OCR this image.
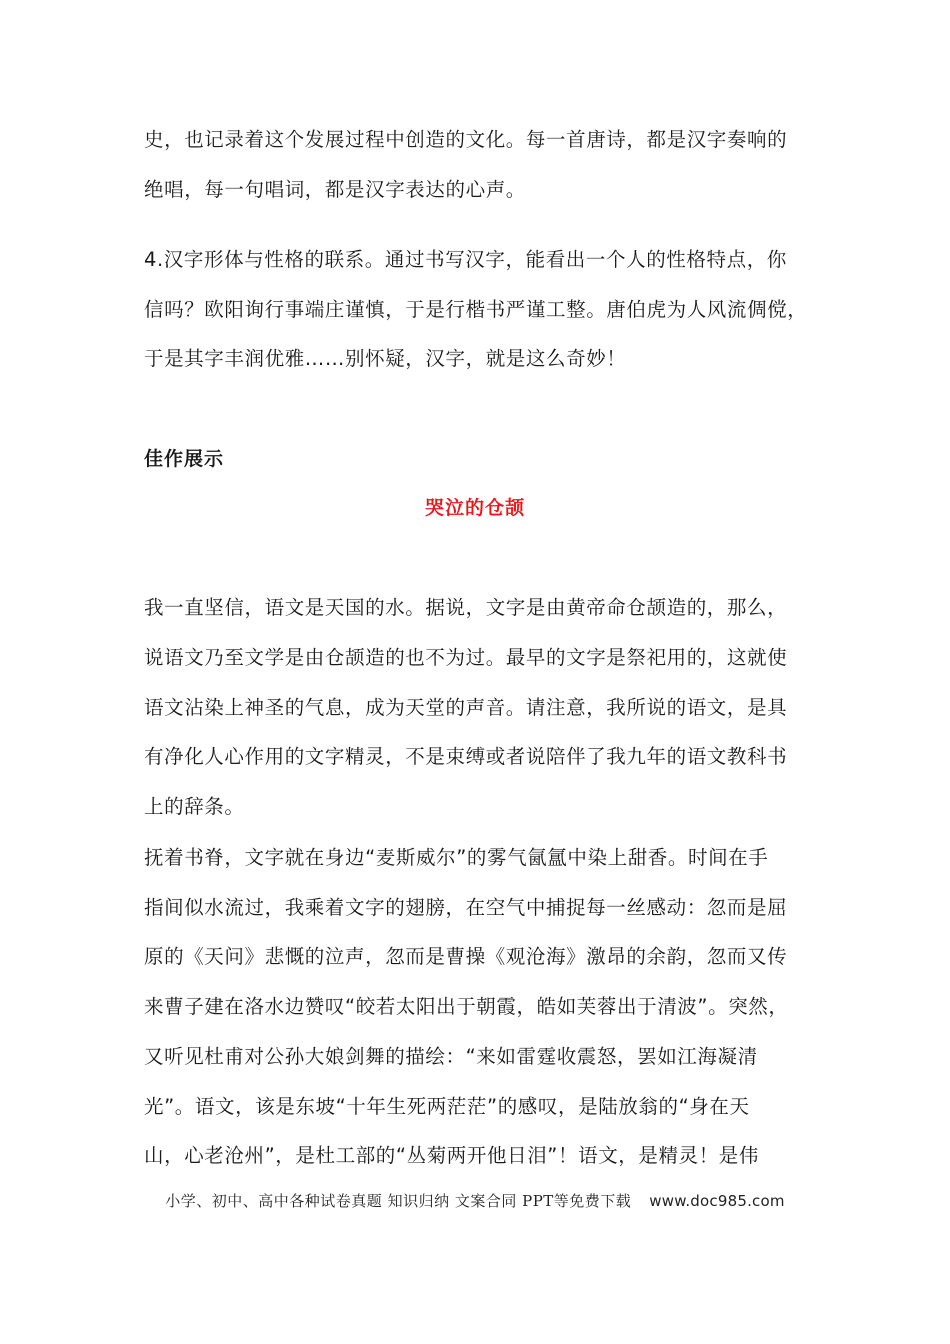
史，也记录着这个发展过程中创造的文化。每一首唐诗，都是汉字奏响的
绝唱，每一句唱词，都是汉字表达的心声。
4.汉字形体与性格的联系。通过书写汉字，能看出一个人的性格特点，你
信吗？欧阳询行事端庄谨慎，于是行楷书严谨工整。唐伯虎为人风流倜傥，
于是其字丰润优雅……别怀疑，汉字，就是这么奇妙！
佳作展示
哭泣的仓颉
我一直坚信，语文是天国的水。据说，文字是由黄帝命仓颉造的，那么，
说语文乃至文学是由仓颉造的也不为过。最早的文字是祭祀用的，这就使
语文沾染上神圣的气息，成为天堂的声音。请注意，我所说的语文，是具
有净化人心作用的文字精灵，不是束缚或者说陪伴了我九年的语文教科书
上的辞条。
抚着书脊，文字就在身边“麦斯威尔”的雾气氤氲中染上甜香。时间在手
指间似水流过，我乘着文字的翅膀，在空气中捕捉每一丝感动：忽而是屈
原的《天问》悲慨的泣声，忽而是曹操《观沧海》激昂的余韵，忽而又传
来曹子建在洛水边赞叹“皎若太阳出于朝霞，皓如芙蓉出于清波”。突然，
又听见杜甫对公孙大娘剑舞的描绘：“来如雷霆收震怒，罢如江海凝清
光”。语文，该是东坡“十年生死两茫茫”的感叹，是陆放翁的“身在天
山，心老沧州”，是杜工部的“丛菊两开他日泪”！语文，是精灵！是伟
小学、初中、高中各种试卷真题 知识归纳 文案合同 PPT等免费下载 www.doc985.com
